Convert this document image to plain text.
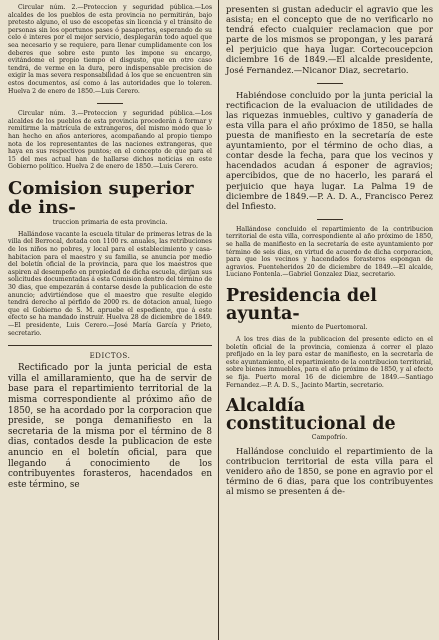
Circular núm. 2.—Proteccion y seguridad pública.—Los alcaldes de los pueblos de esta provincia no permitirán, bajo pretesto alguno, el uso de escopetas sin licencia y el tránsito de personas sin los oportunos pases ó pasaportes, esperando de su celo é interes por el mejor servicio, desplegarán todo aquel que sea necesario y se requiere, para llenar cumplidamente con los deberes que sobre este punto les impone su encargo, evitándome el propio tiempo el disgusto, que en otro caso tendrá, de verme en la dura, pero indispensable precision de exigir la mas severa responsabilidad á los que se encuentren sin estos documentos, así como á las autoridades que lo toleren. Huelva 2 de enero de 1850.—Luis Cerero.
Circular núm. 3.—Proteccion y seguridad pública.—Los alcaldes de los pueblos de esta provincia procederán á formar y remitirme la matrícula de extrangeros, del mismo modo que lo han hecho en años anteriores, acompañando al propio tiempo nota de los representantes de las naciones extrangeras, que haya en sus respectivos puntos; en el concepto de que para el 15 del mes actual han de hallarse dichos noticias en este Gobierno político. Huelva 2 de enero de 1850.—Luis Cerero.
Comision superior de ins-
truccion primaria de esta provincia.
Hallándose vacante la escuela titular de primeras letras de la villa del Berrocal, dotada con 1100 rs. anuales, las retribuciones de los niños no pobres, y local para el establecimiento y casa-habitacion para el maestro y su familia, se anuncia por medio del boletín oficial de la provincia, para que los maestros que aspiren al desempeño en propiedad de dicha escuela, dirijan sus solicitudes documentadas á esta Comision dentro del término de 30 dias, que empezarán á contarse desde la publicacion de este anuncio; advirtiéndose que el maestro que resulte elegido tendrá derecho al pérfido de 2000 rs. de dotacion anual, luego que el Gobierno de S. M. apruebe el espediente, que á este efecto se ha mandado instruir. Huelva 28 de diciembre de 1849.—El presidente, Luis Cerero.—José María García y Prieto, secretario.
EDICTOS.
Rectificado por la junta pericial de esta villa el amillaramiento, que ha de servir de base para el repartimiento territorial de la misma correspondiente al próximo año de 1850, se ha acordado por la corporacion que preside, se ponga demanifiesto en la secretaria de la misma por el término de 8 dias, contados desde la publicacion de este anuncio en el boletín oficial, para que llegando á conocimiento de los contribuyentes forasteros, hacendados en este término, se
presenten si gustan adeducir el agravio que les asista; en el concepto que de no verificarlo no tendrá efecto cualquier reclamacion que por parte de los mismos se propongan, y les parará el perjuicio que haya lugar. Cortecoucepcion diciembre 16 de 1849.—El alcalde presidente, José Fernandez.—Nicanor Diaz, secretario.
Habiéndose concluido por la junta pericial la rectificacion de la evaluacion de utilidades de las riquezas inmuebles, cultivo y ganadería de esta villa para el año próximo de 1850, se halla puesta de manifiesto en la secretaría de este ayuntamiento, por el término de ocho dias, a contar desde la fecha, para que los vecinos y hacendados acudan á esponer de agravios; apercibidos, que de no hacerlo, les parará el perjuicio que haya lugar. La Palma 19 de diciembre de 1849.—P. A. D. A., Francisco Perez del Infiesto.
Hallándose concluido el repartimiento de la contribucion territorial de esta villa, correspondiente al año próximo de 1850, se halla de manifiesto en la secretaría de este ayuntamiento por término de seis dias, en virtud de acuerdo de dicha corporacion, para que los vecinos y hacendados forasteros espongan de agravios. Fuenteheridos 20 de diciembre de 1849.—El alcalde, Luciano Fontenla.—Gabriel Gonzalez Diaz, secretario.
Presidencia del ayunta-
miento de Puertomoral.
A los tres dias de la publicacion del presente edicto en el boletín oficial de la provincia, comienza á correr el plazo prefijado en la ley para estar de manifiesto, en la secretaría de este ayuntamiento, el repartimiento de la contribucion territorial, sobre bienes inmuebles, para el año próximo de 1850, y al efecto se fija. Puerto moral 16 de diciembre de 1849.—Santiago Fernandez.—P. A. D. S., Jacinto Martin, secretario.
Alcaldía constitucional de
Campofrío.
Hallándose concluido el repartimiento de la contribucion territorial de esta villa para el venidero año de 1850, se pone en agravio por el término de 6 dias, para que los contribuyentes al mismo se presenten á de-
